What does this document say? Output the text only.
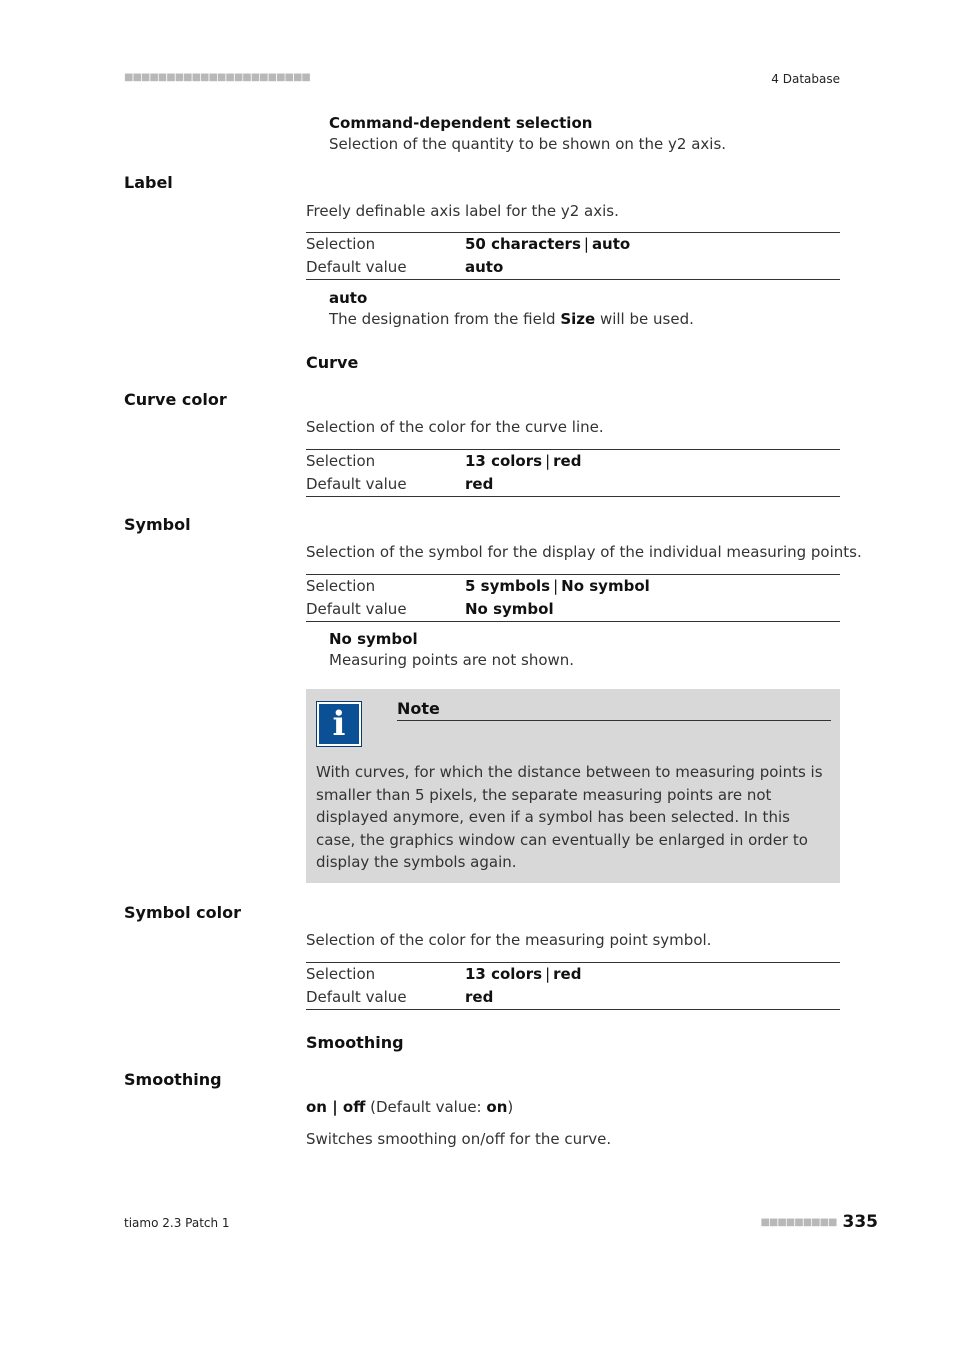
■■■■■■■■■■■■■■■■■■■■■■	4 Database
Command-dependent selection
Selection of the quantity to be shown on the y2 axis.
Label
Freely definable axis label for the y2 axis.
Selection	50 characters | auto
Default value	auto
auto
The designation from the field Size will be used.
Curve
Curve color
Selection of the color for the curve line.
Selection	13 colors | red
Default value	red
Symbol
Selection of the symbol for the display of the individual measuring points.
Selection	5 symbols | No symbol
Default value	No symbol
No symbol
Measuring points are not shown.
i	Note
With curves, for which the distance between to measuring points is smaller than 5 pixels, the separate measuring points are not displayed anymore, even if a symbol has been selected. In this case, the graphics window can eventually be enlarged in order to display the symbols again.
Symbol color
Selection of the color for the measuring point symbol.
Selection	13 colors | red
Default value	red
Smoothing
Smoothing
on | off (Default value: on)
Switches smoothing on/off for the curve.
tiamo 2.3 Patch 1	■■■■■■■■■ 335
